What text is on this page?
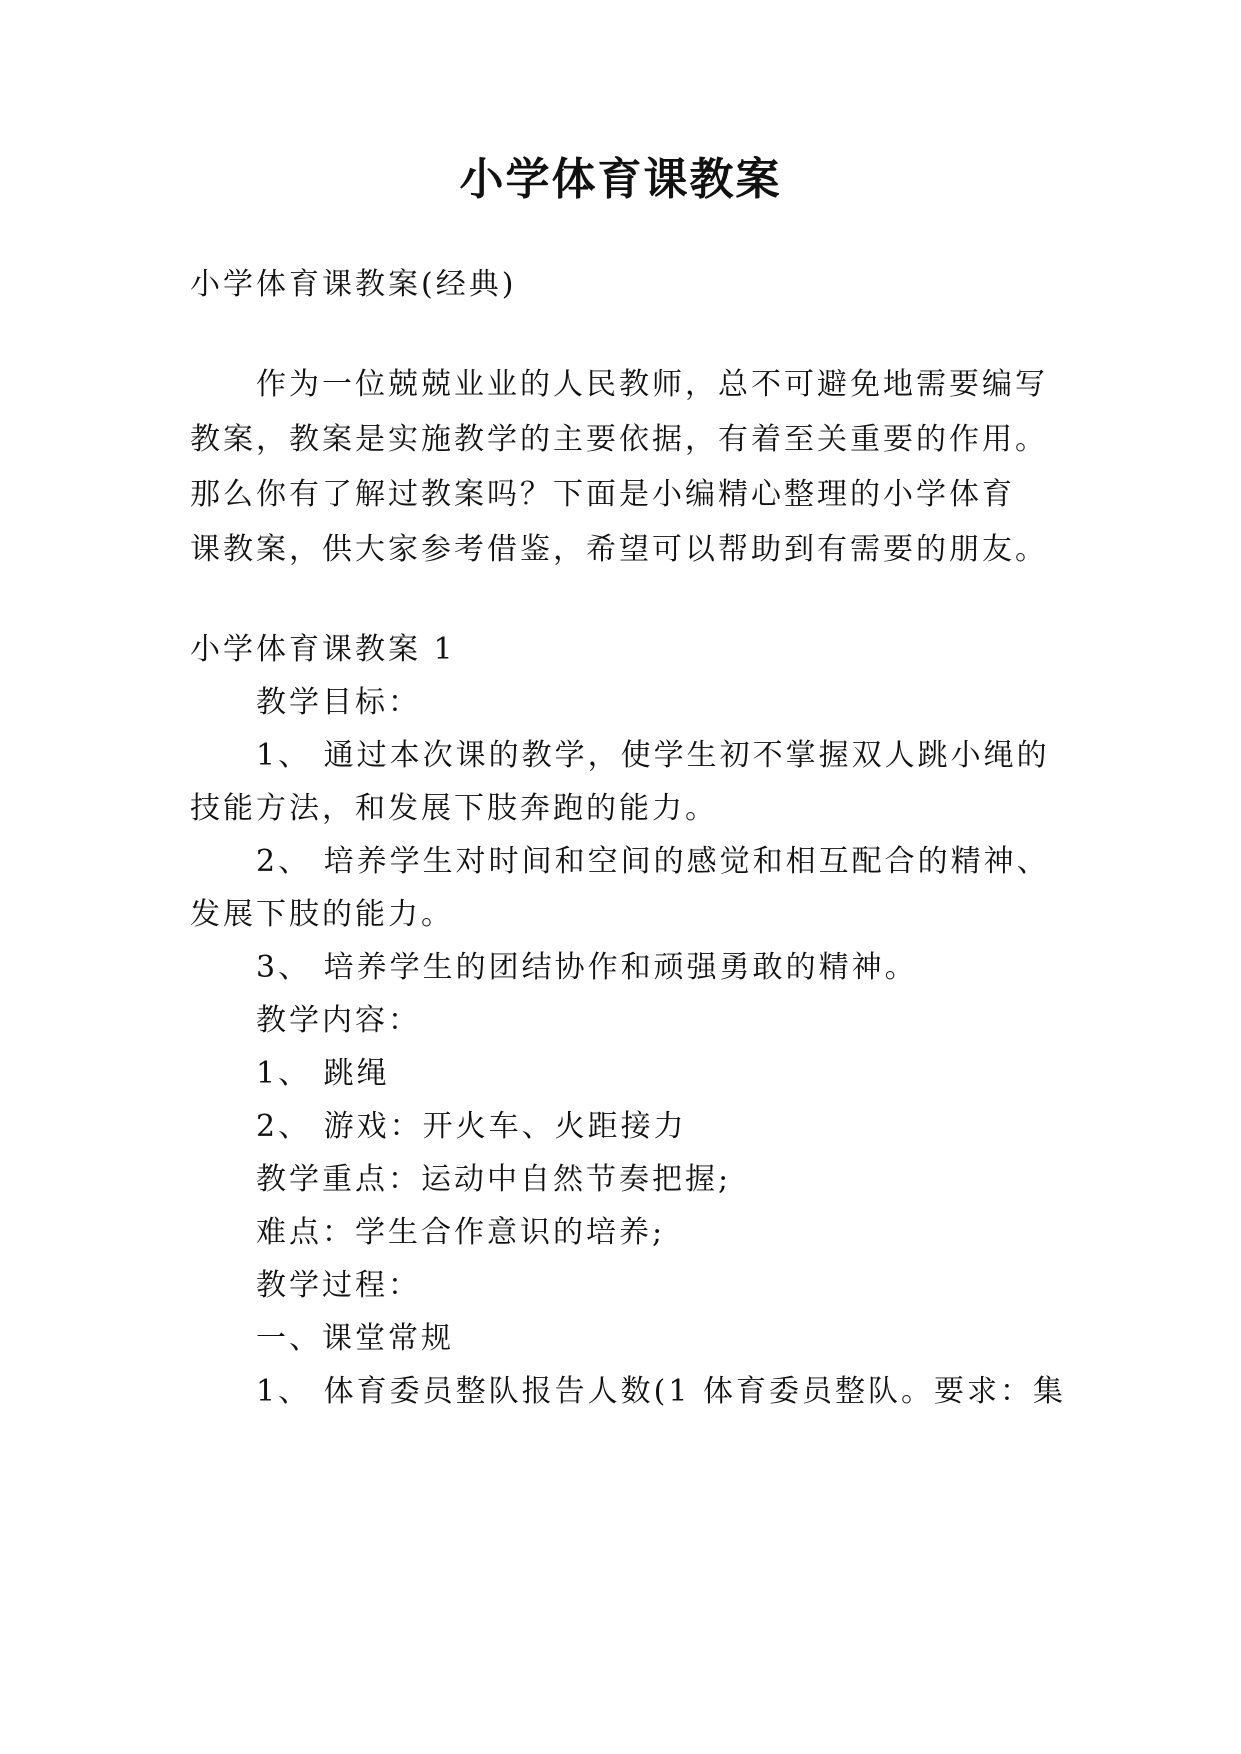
小学体育课教案
小学体育课教案(经典)
作为一位兢兢业业的人民教师，总不可避免地需要编写
教案，教案是实施教学的主要依据，有着至关重要的作用。
那么你有了解过教案吗？下面是小编精心整理的小学体育
课教案，供大家参考借鉴，希望可以帮助到有需要的朋友。
小学体育课教案 1
教学目标：
1、 通过本次课的教学，使学生初不掌握双人跳小绳的
技能方法，和发展下肢奔跑的能力。
2、 培养学生对时间和空间的感觉和相互配合的精神、
发展下肢的能力。
3、 培养学生的团结协作和顽强勇敢的精神。
教学内容：
1、 跳绳
2、 游戏：开火车、火距接力
教学重点：运动中自然节奏把握;
难点：学生合作意识的培养;
教学过程：
一、课堂常规
1、 体育委员整队报告人数(1 体育委员整队。要求：集
